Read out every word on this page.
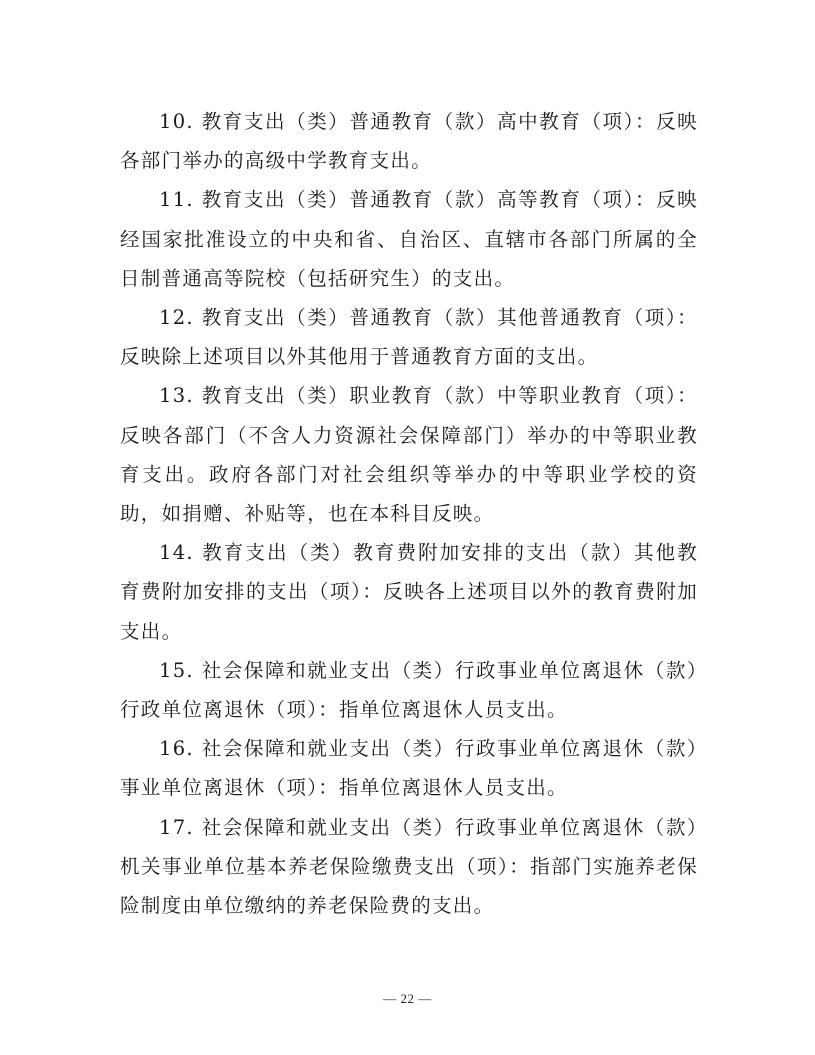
10. 教育支出（类）普通教育（款）高中教育（项）：反映各部门举办的高级中学教育支出。

11. 教育支出（类）普通教育（款）高等教育（项）：反映经国家批准设立的中央和省、自治区、直辖市各部门所属的全日制普通高等院校（包括研究生）的支出。

12. 教育支出（类）普通教育（款）其他普通教育（项）：反映除上述项目以外其他用于普通教育方面的支出。

13. 教育支出（类）职业教育（款）中等职业教育（项）：反映各部门（不含人力资源社会保障部门）举办的中等职业教育支出。政府各部门对社会组织等举办的中等职业学校的资助，如捐赠、补贴等，也在本科目反映。

14. 教育支出（类）教育费附加安排的支出（款）其他教育费附加安排的支出（项）：反映各上述项目以外的教育费附加支出。

15. 社会保障和就业支出（类）行政事业单位离退休（款）行政单位离退休（项）：指单位离退休人员支出。

16. 社会保障和就业支出（类）行政事业单位离退休（款）事业单位离退休（项）：指单位离退休人员支出。

17. 社会保障和就业支出（类）行政事业单位离退休（款）机关事业单位基本养老保险缴费支出（项）：指部门实施养老保险制度由单位缴纳的养老保险费的支出。

— 22 —
